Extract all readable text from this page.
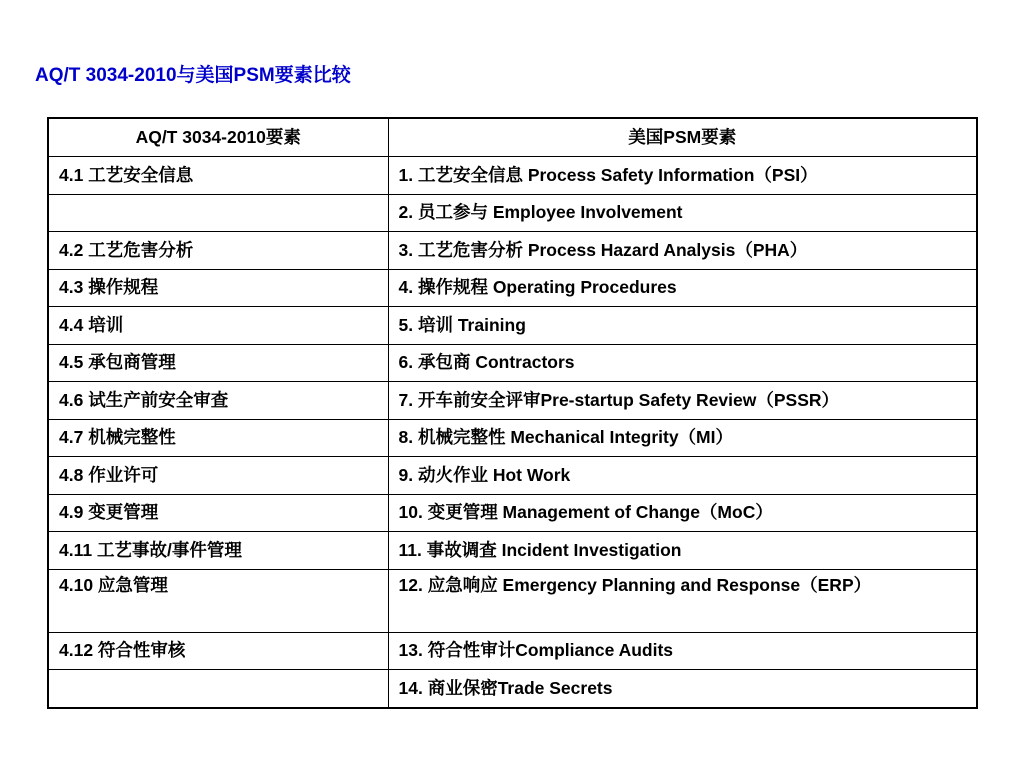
AQ/T 3034-2010与美国PSM要素比较
AQ/T 3034-2010要素	美国PSM要素
4.1 工艺安全信息	1. 工艺安全信息 Process Safety Information（PSI）
	2. 员工参与 Employee Involvement
4.2 工艺危害分析	3. 工艺危害分析 Process Hazard Analysis（PHA）
4.3 操作规程	4. 操作规程 Operating Procedures
4.4 培训	5. 培训 Training
4.5 承包商管理	6. 承包商 Contractors
4.6 试生产前安全审查	7. 开车前安全评审Pre-startup Safety Review（PSSR）
4.7 机械完整性	8. 机械完整性 Mechanical Integrity（MI）
4.8 作业许可	9. 动火作业 Hot Work
4.9 变更管理	10. 变更管理 Management of Change（MoC）
4.11 工艺事故/事件管理	11. 事故调查 Incident Investigation
4.10 应急管理	12. 应急响应 Emergency Planning and Response（ERP）
4.12 符合性审核	13. 符合性审计Compliance Audits
	14. 商业保密Trade Secrets
